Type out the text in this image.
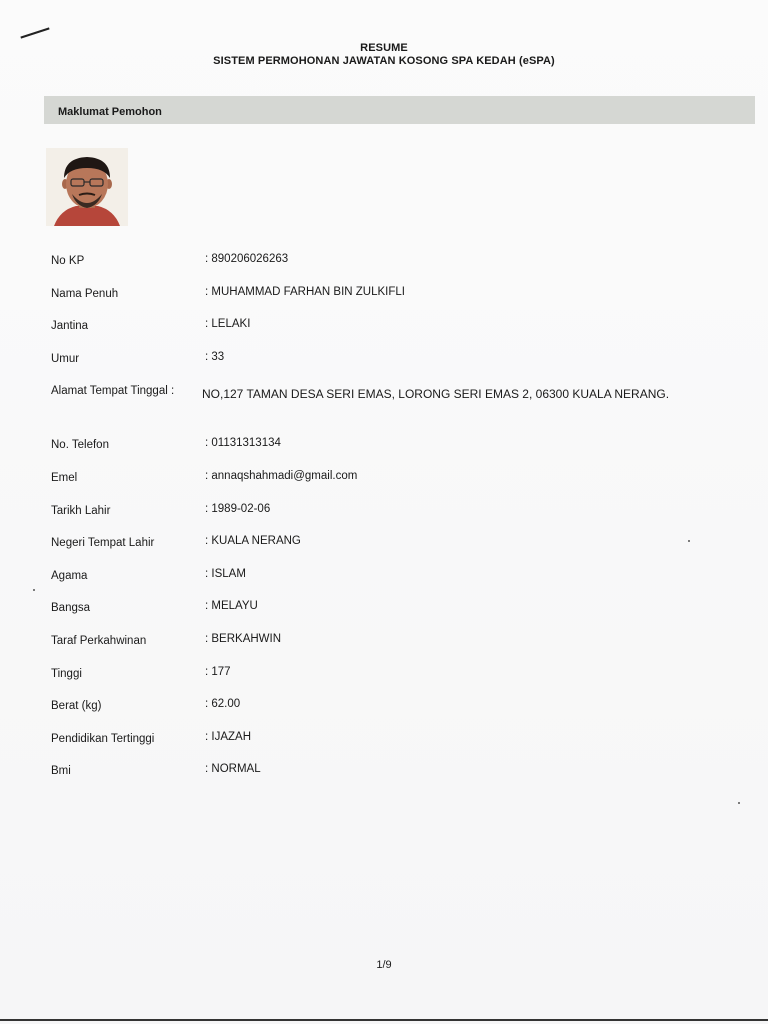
RESUME
SISTEM PERMOHONAN JAWATAN KOSONG SPA KEDAH (eSPA)
Maklumat Pemohon
No KP	: 890206026263
Nama Penuh	: MUHAMMAD FARHAN BIN ZULKIFLI
Jantina	: LELAKI
Umur	: 33
Alamat Tempat Tinggal : NO,127 TAMAN DESA SERI EMAS, LORONG SERI EMAS 2, 06300 KUALA NERANG.
No. Telefon	: 01131313134
Emel	: annaqshahmadi@gmail.com
Tarikh Lahir	: 1989-02-06
Negeri Tempat Lahir	: KUALA NERANG
Agama	: ISLAM
Bangsa	: MELAYU
Taraf Perkahwinan	: BERKAHWIN
Tinggi	: 177
Berat (kg)	: 62.00
Pendidikan Tertinggi	: IJAZAH
Bmi	: NORMAL
1/9
